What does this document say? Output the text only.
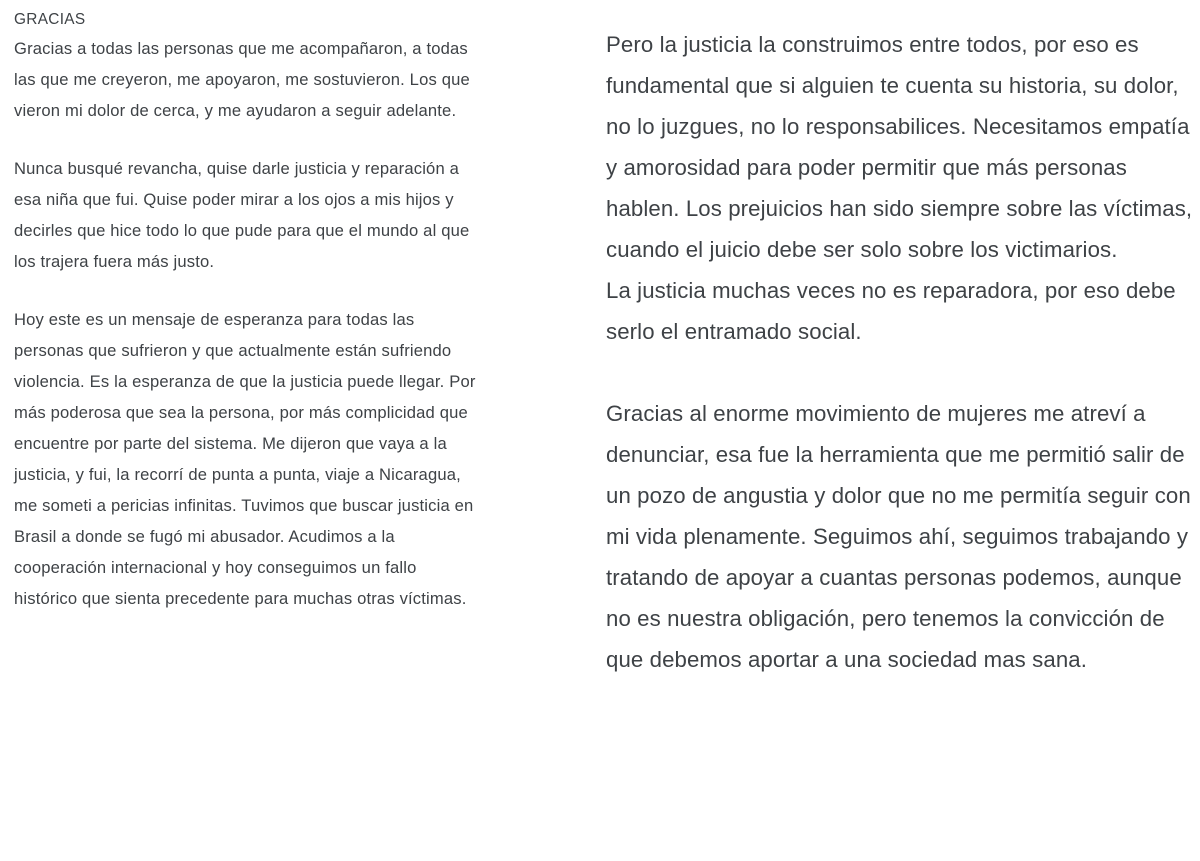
GRACIAS

Gracias a todas las personas que me acompañaron, a todas las que me creyeron, me apoyaron, me sostuvieron. Los que vieron mi dolor de cerca, y me ayudaron a seguir adelante.

Nunca busqué revancha, quise darle justicia y reparación a esa niña que fui. Quise poder mirar a los ojos a mis hijos y decirles que hice todo lo que pude para que el mundo al que los trajera fuera más justo.

Hoy este es un mensaje de esperanza para todas las personas que sufrieron y que actualmente están sufriendo violencia. Es la esperanza de que la justicia puede llegar. Por más poderosa que sea la persona, por más complicidad que encuentre por parte del sistema. Me dijeron que vaya a la justicia, y fui, la recorrí de punta a punta, viaje a Nicaragua, me someti a pericias infinitas. Tuvimos que buscar justicia en Brasil a donde se fugó mi abusador. Acudimos a la cooperación internacional y hoy conseguimos un fallo histórico que sienta precedente para muchas otras víctimas.

Pero la justicia la construimos entre todos, por eso es fundamental que si alguien te cuenta su historia, su dolor, no lo juzgues, no lo responsabilices. Necesitamos empatía y amorosidad para poder permitir que más personas hablen. Los prejuicios han sido siempre sobre las víctimas, cuando el juicio debe ser solo sobre los victimarios.

La justicia muchas veces no es reparadora, por eso debe serlo el entramado social.

Gracias al enorme movimiento de mujeres me atreví a denunciar, esa fue la herramienta que me permitió salir de un pozo de angustia y dolor que no me permitía seguir con mi vida plenamente. Seguimos ahí, seguimos trabajando y tratando de apoyar a cuantas personas podemos, aunque no es nuestra obligación, pero tenemos la convicción de que debemos aportar a una sociedad mas sana.
